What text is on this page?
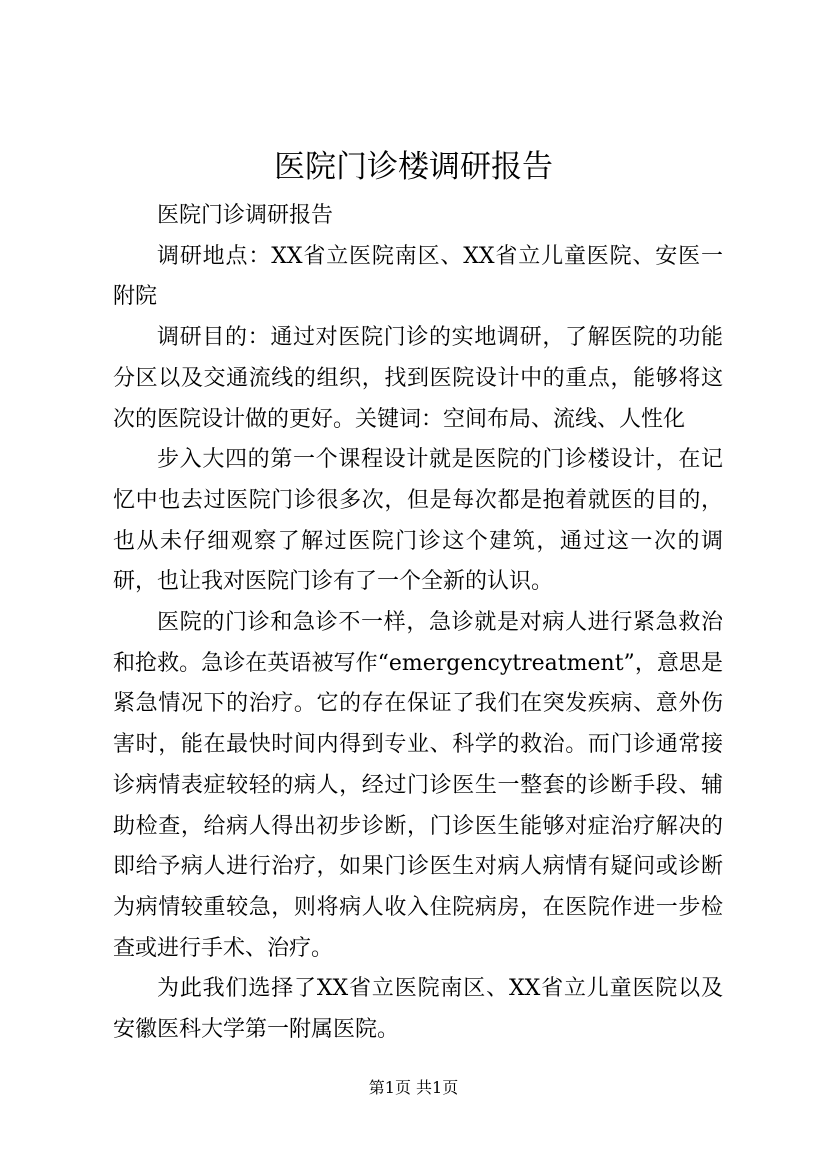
医院门诊楼调研报告

医院门诊调研报告

调研地点：XX省立医院南区、XX省立儿童医院、安医一附院

调研目的：通过对医院门诊的实地调研，了解医院的功能分区以及交通流线的组织，找到医院设计中的重点，能够将这次的医院设计做的更好。关键词：空间布局、流线、人性化

步入大四的第一个课程设计就是医院的门诊楼设计，在记忆中也去过医院门诊很多次，但是每次都是抱着就医的目的，也从未仔细观察了解过医院门诊这个建筑，通过这一次的调研，也让我对医院门诊有了一个全新的认识。

医院的门诊和急诊不一样，急诊就是对病人进行紧急救治和抢救。急诊在英语被写作“emergencytreatment”，意思是紧急情况下的治疗。它的存在保证了我们在突发疾病、意外伤害时，能在最快时间内得到专业、科学的救治。而门诊通常接诊病情表症较轻的病人，经过门诊医生一整套的诊断手段、辅助检查，给病人得出初步诊断，门诊医生能够对症治疗解决的即给予病人进行治疗，如果门诊医生对病人病情有疑问或诊断为病情较重较急，则将病人收入住院病房，在医院作进一步检查或进行手术、治疗。

为此我们选择了XX省立医院南区、XX省立儿童医院以及安徽医科大学第一附属医院。

第1页 共1页
